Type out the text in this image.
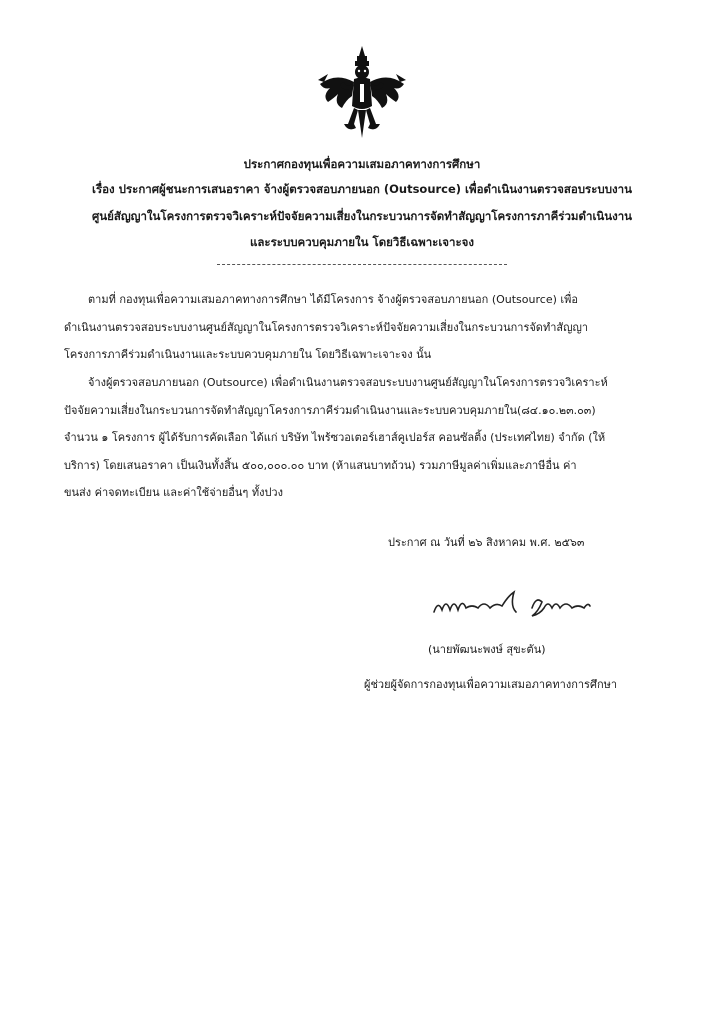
ประกาศกองทุนเพื่อความเสมอภาคทางการศึกษา
เรื่อง ประกาศผู้ชนะการเสนอราคา จ้างผู้ตรวจสอบภายนอก (Outsource) เพื่อดำเนินงานตรวจสอบระบบงาน
ศูนย์สัญญาในโครงการตรวจวิเคราะห์ปัจจัยความเสี่ยงในกระบวนการจัดทำสัญญาโครงการภาคีร่วมดำเนินงาน
และระบบควบคุมภายใน โดยวิธีเฉพาะเจาะจง
ตามที่ กองทุนเพื่อความเสมอภาคทางการศึกษา ได้มีโครงการ จ้างผู้ตรวจสอบภายนอก (Outsource) เพื่อ
ดำเนินงานตรวจสอบระบบงานศูนย์สัญญาในโครงการตรวจวิเคราะห์ปัจจัยความเสี่ยงในกระบวนการจัดทำสัญญา
โครงการภาคีร่วมดำเนินงานและระบบควบคุมภายใน โดยวิธีเฉพาะเจาะจง นั้น
จ้างผู้ตรวจสอบภายนอก (Outsource) เพื่อดำเนินงานตรวจสอบระบบงานศูนย์สัญญาในโครงการตรวจวิเคราะห์
ปัจจัยความเสี่ยงในกระบวนการจัดทำสัญญาโครงการภาคีร่วมดำเนินงานและระบบควบคุมภายใน(๘๔.๑๐.๒๓.๐๓)
จำนวน ๑ โครงการ ผู้ได้รับการคัดเลือก ได้แก่ บริษัท ไพร้ซวอเตอร์เฮาส์คูเปอร์ส คอนซัลติ้ง (ประเทศไทย) จำกัด (ให้
บริการ) โดยเสนอราคา เป็นเงินทั้งสิ้น ๕๐๐,๐๐๐.๐๐ บาท (ห้าแสนบาทถ้วน) รวมภาษีมูลค่าเพิ่มและภาษีอื่น ค่า
ขนส่ง ค่าจดทะเบียน และค่าใช้จ่ายอื่นๆ ทั้งปวง
ประกาศ ณ วันที่ ๒๖ สิงหาคม พ.ศ. ๒๕๖๓
(นายพัฒนะพงษ์ สุขะตัน)
ผู้ช่วยผู้จัดการกองทุนเพื่อความเสมอภาคทางการศึกษา
